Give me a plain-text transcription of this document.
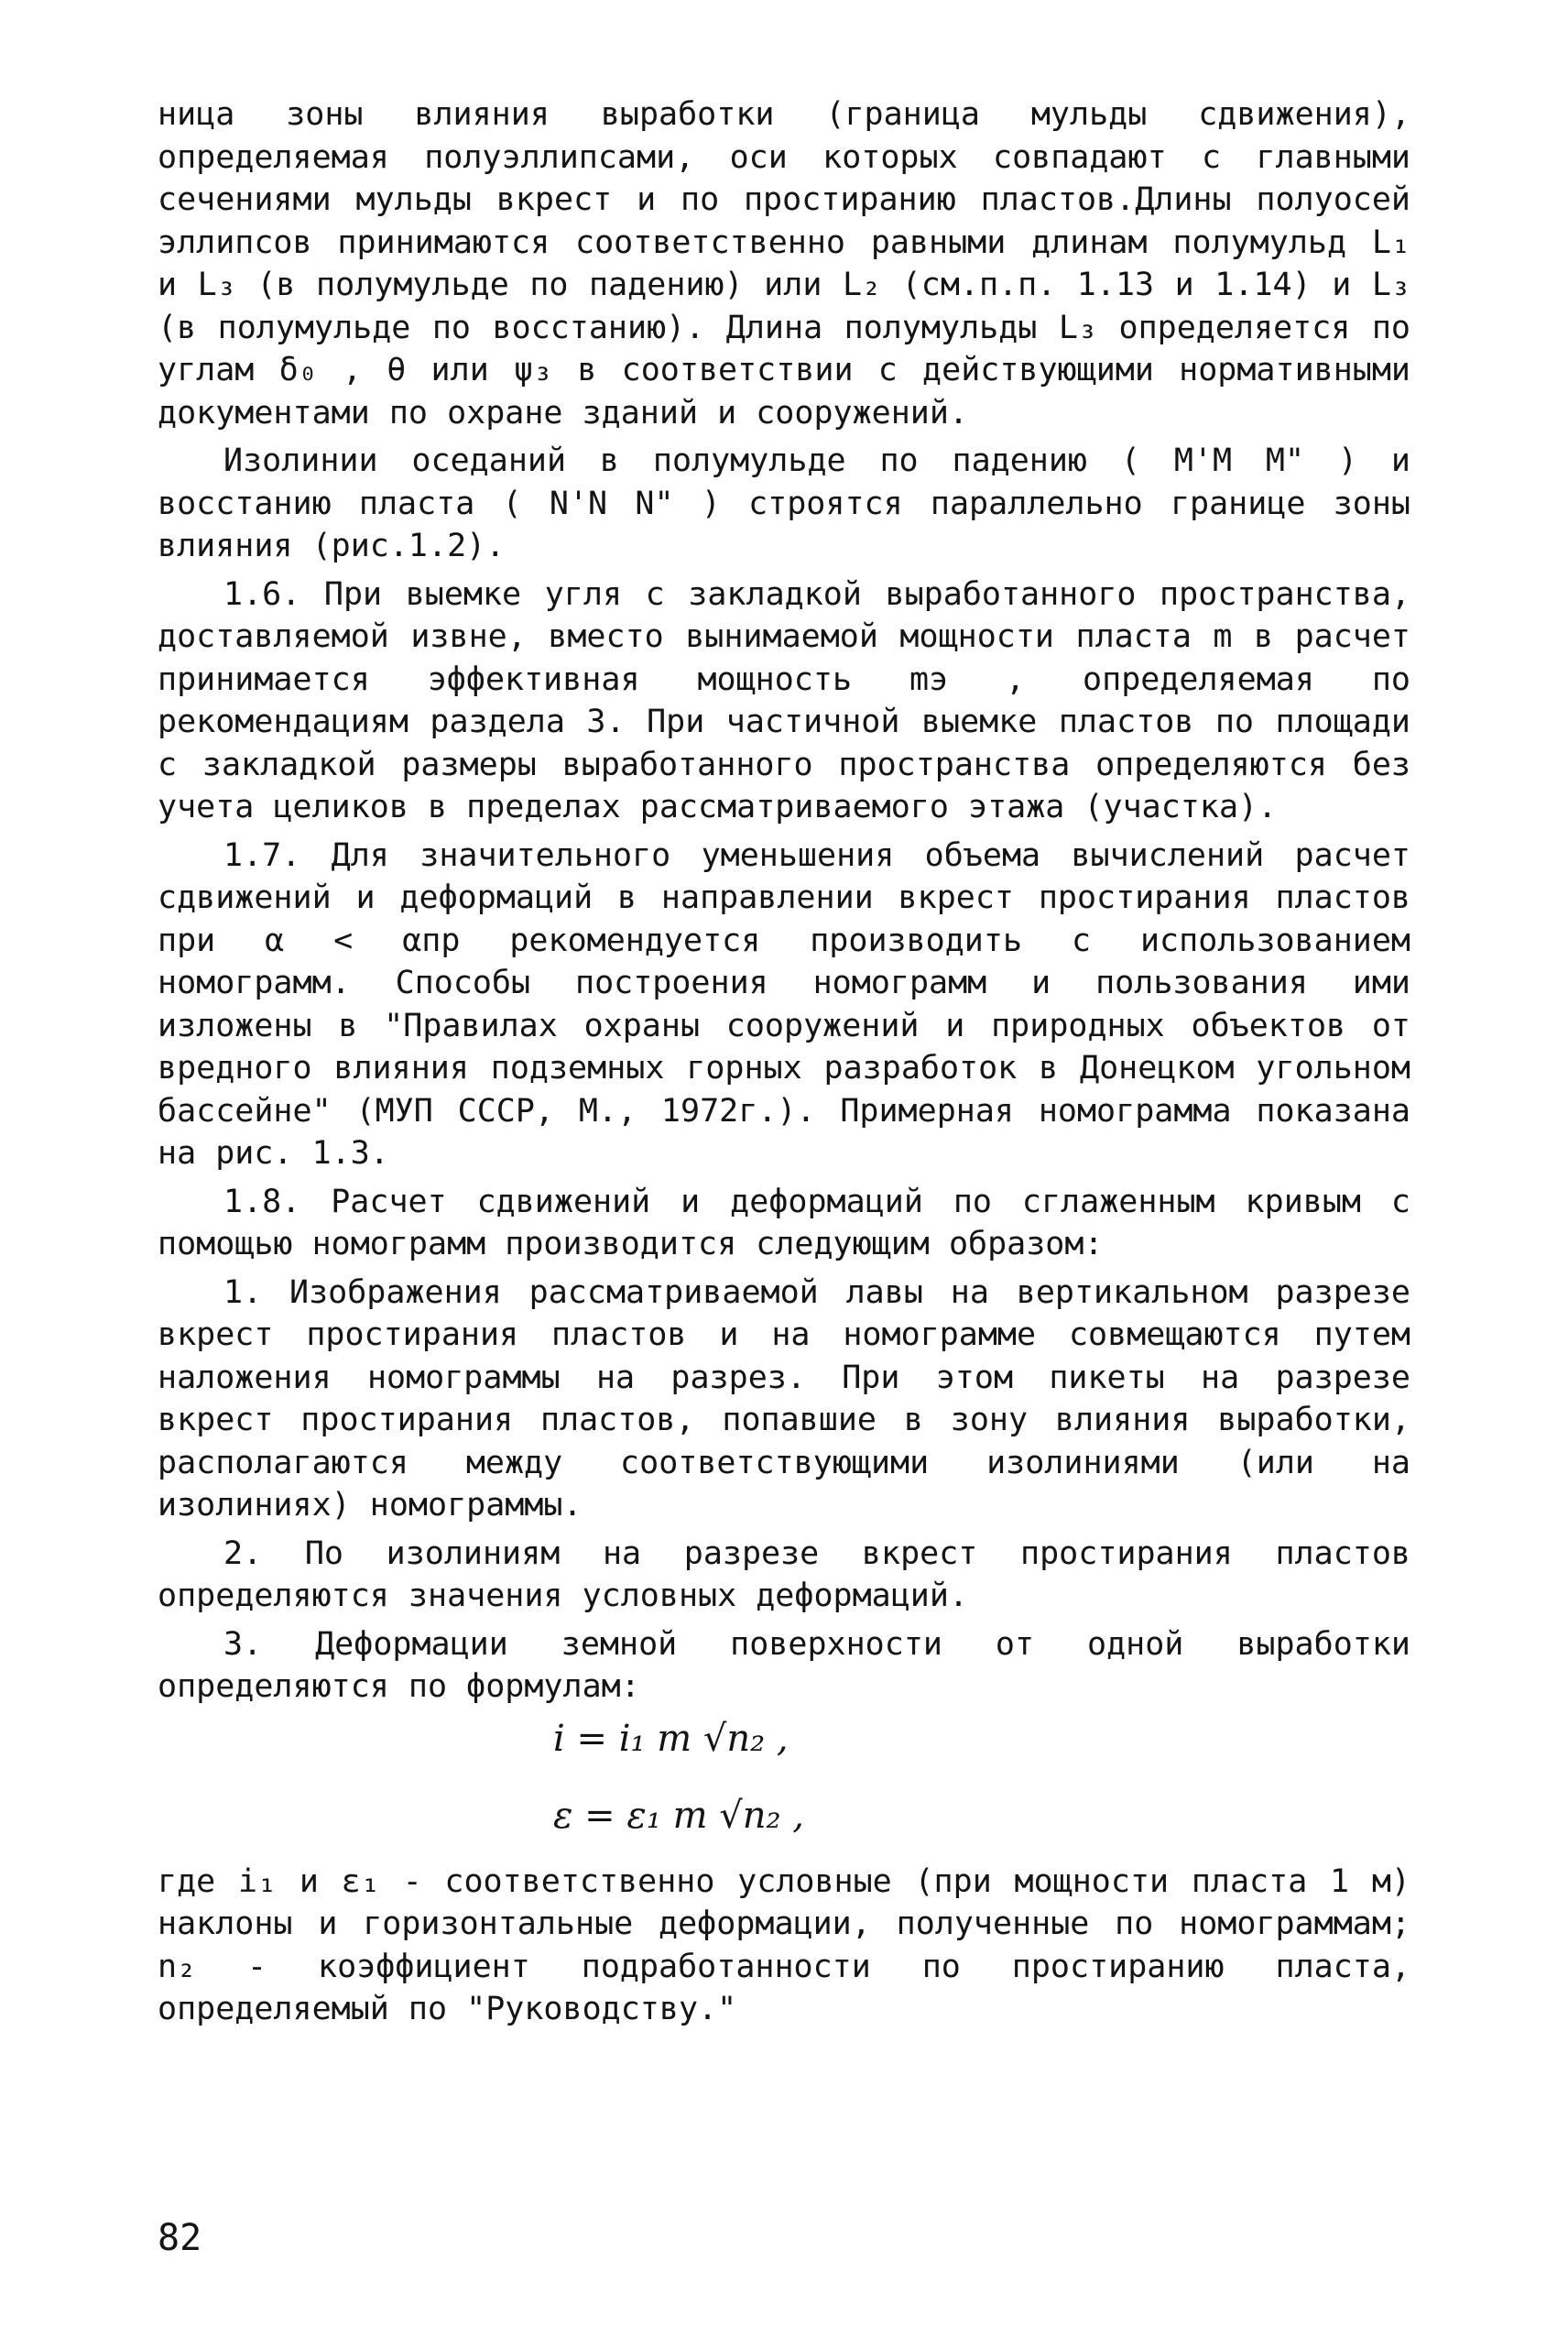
ница зоны влияния выработки (граница мульды сдвижения), определяемая полуэллипсами, оси которых совпадают с главными сечениями мульды вкрест и по простиранию пластов.Длины полуосей эллипсов принимаются соответственно равными длинам полумульд L₁ и L₃ (в полумульде по падению) или L₂ (см.п.п. 1.13 и 1.14) и L₃ (в полумульде по восстанию). Длина полумульды L₃ определяется по углам δ₀ , θ или ψ₃ в соответствии с действующими нормативными документами по охране зданий и сооружений.

Изолинии оседаний в полумульде по падению ( M'M M" ) и восстанию пласта ( N'N N" ) строятся параллельно границе зоны влияния (рис.1.2).

1.6. При выемке угля с закладкой выработанного пространства, доставляемой извне, вместо вынимаемой мощности пласта m в расчет принимается эффективная мощность mэ , определяемая по рекомендациям раздела 3. При частичной выемке пластов по площади с закладкой размеры выработанного пространства определяются без учета целиков в пределах рассматриваемого этажа (участка).

1.7. Для значительного уменьшения объема вычислений расчет сдвижений и деформаций в направлении вкрест простирания пластов при α < αпр рекомендуется производить с использованием номограмм. Способы построения номограмм и пользования ими изложены в "Правилах охраны сооружений и природных объектов от вредного влияния подземных горных разработок в Донецком угольном бассейне" (МУП СССР, М., 1972г.). Примерная номограмма показана на рис. 1.3.

1.8. Расчет сдвижений и деформаций по сглаженным кривым с помощью номограмм производится следующим образом:

1. Изображения рассматриваемой лавы на вертикальном разрезе вкрест простирания пластов и на номограмме совмещаются путем наложения номограммы на разрез. При этом пикеты на разрезе вкрест простирания пластов, попавшие в зону влияния выработки, располагаются между соответствующими изолиниями (или на изолиниях) номограммы.

2. По изолиниям на разрезе вкрест простирания пластов определяются значения условных деформаций.

3. Деформации земной поверхности от одной выработки определяются по формулам:

i = i₁ m √n₂ ,

ε = ε₁ m √n₂ ,

где i₁ и ε₁ - соответственно условные (при мощности пласта 1 м) наклоны и горизонтальные деформации, полученные по номограммам; n₂ - коэффициент подработанности по простиранию пласта, определяемый по "Руководству."

82
